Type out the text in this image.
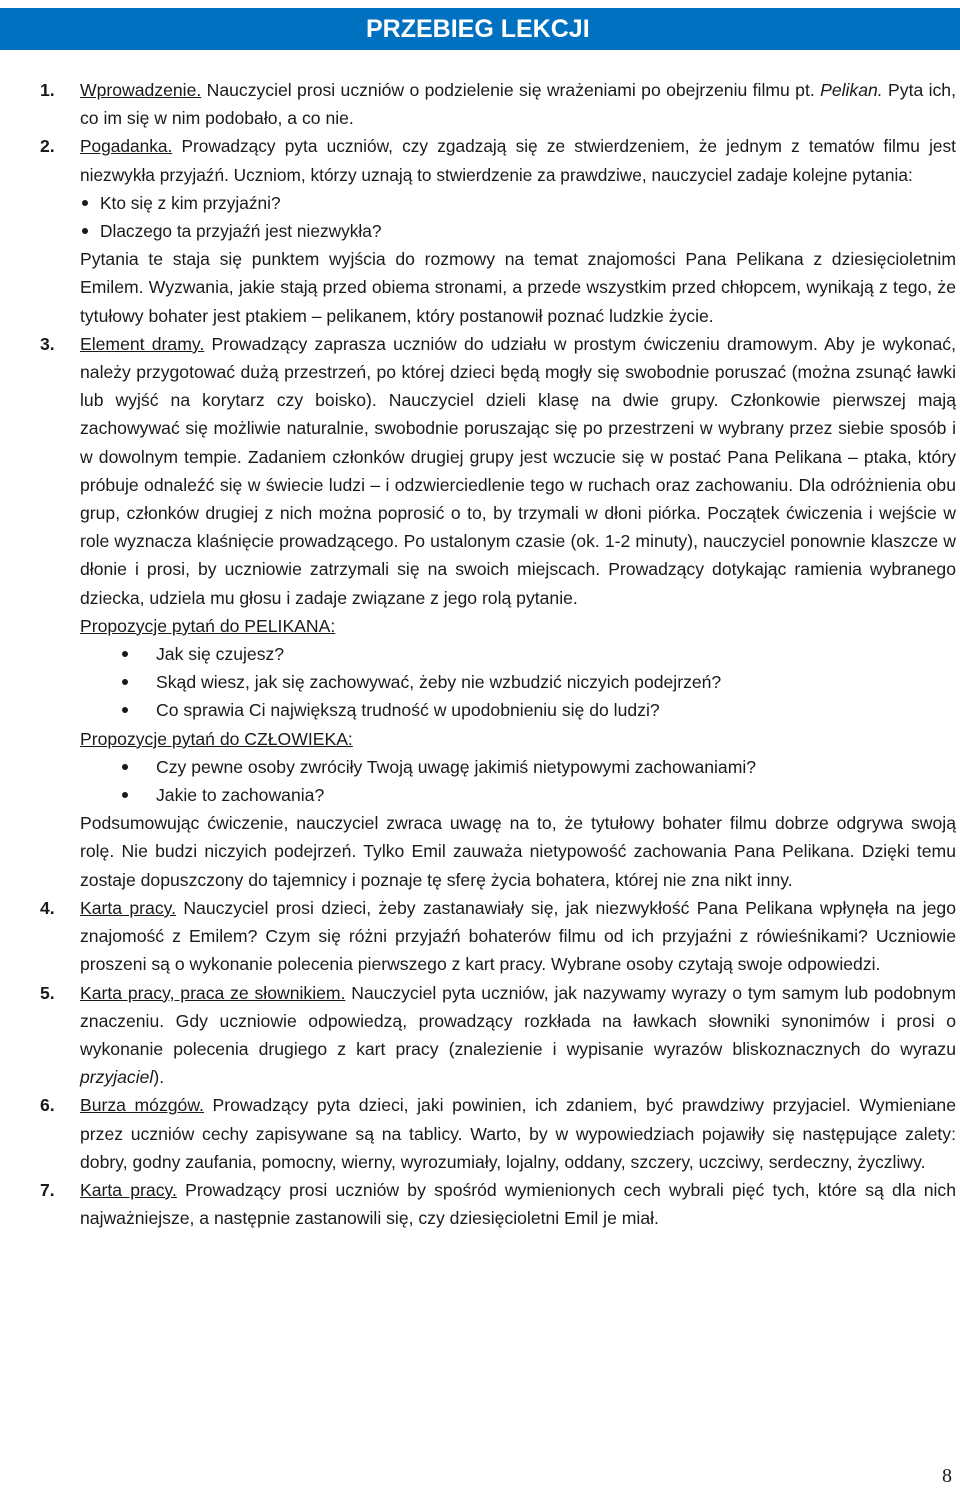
PRZEBIEG LEKCJI
1. Wprowadzenie. Nauczyciel prosi uczniów o podzielenie się wrażeniami po obejrzeniu filmu pt. Pelikan. Pyta ich, co im się w nim podobało, a co nie.

2. Pogadanka. Prowadzący pyta uczniów, czy zgadzają się ze stwierdzeniem, że jednym z tematów filmu jest niezwykła przyjaźń. Uczniom, którzy uznają to stwierdzenie za prawdziwe, nauczyciel zadaje kolejne pytania:

Kto się z kim przyjaźni?
Dlaczego ta przyjaźń jest niezwykła?

Pytania te staja się punktem wyjścia do rozmowy na temat znajomości Pana Pelikana z dziesięcioletnim Emilem. Wyzwania, jakie stają przed obiema stronami, a przede wszystkim przed chłopcem, wynikają z tego, że tytułowy bohater jest ptakiem – pelikanem, który postanowił poznać ludzkie życie.

3. Element dramy. Prowadzący zaprasza uczniów do udziału w prostym ćwiczeniu dramowym. Aby je wykonać, należy przygotować dużą przestrzeń, po której dzieci będą mogły się swobodnie poruszać (można zsunąć ławki lub wyjść na korytarz czy boisko). Nauczyciel dzieli klasę na dwie grupy. Członkowie pierwszej mają zachowywać się możliwie naturalnie, swobodnie poruszając się po przestrzeni w wybrany przez siebie sposób i w dowolnym tempie. Zadaniem członków drugiej grupy jest wczucie się w postać Pana Pelikana – ptaka, który próbuje odnaleźć się w świecie ludzi – i odzwierciedlenie tego w ruchach oraz zachowaniu. Dla odróżnienia obu grup, członków drugiej z nich można poprosić o to, by trzymali w dłoni piórka. Początek ćwiczenia i wejście w role wyznacza klaśnięcie prowadzącego. Po ustalonym czasie (ok. 1-2 minuty), nauczyciel ponownie klaszcze w dłonie i prosi, by uczniowie zatrzymali się na swoich miejscach. Prowadzący dotykając ramienia wybranego dziecka, udziela mu głosu i zadaje związane z jego rolą pytanie.

Propozycje pytań do PELIKANA:

Jak się czujesz?
Skąd wiesz, jak się zachowywać, żeby nie wzbudzić niczyich podejrzeń?
Co sprawia Ci największą trudność w upodobnieniu się do ludzi?

Propozycje pytań do CZŁOWIEKA:

Czy pewne osoby zwróciły Twoją uwagę jakimiś nietypowymi zachowaniami?
Jakie to zachowania?

Podsumowując ćwiczenie, nauczyciel zwraca uwagę na to, że tytułowy bohater filmu dobrze odgrywa swoją rolę. Nie budzi niczyich podejrzeń. Tylko Emil zauważa nietypowość zachowania Pana Pelikana. Dzięki temu zostaje dopuszczony do tajemnicy i poznaje tę sferę życia bohatera, której nie zna nikt inny.

4. Karta pracy. Nauczyciel prosi dzieci, żeby zastanawiały się, jak niezwykłość Pana Pelikana wpłynęła na jego znajomość z Emilem? Czym się różni przyjaźń bohaterów filmu od ich przyjaźni z rówieśnikami? Uczniowie proszeni są o wykonanie polecenia pierwszego z kart pracy. Wybrane osoby czytają swoje odpowiedzi.

5. Karta pracy, praca ze słownikiem. Nauczyciel pyta uczniów, jak nazywamy wyrazy o tym samym lub podobnym znaczeniu. Gdy uczniowie odpowiedzą, prowadzący rozkłada na ławkach słowniki synonimów i prosi o wykonanie polecenia drugiego z kart pracy (znalezienie i wypisanie wyrazów bliskoznacznych do wyrazu przyjaciel).

6. Burza mózgów. Prowadzący pyta dzieci, jaki powinien, ich zdaniem, być prawdziwy przyjaciel. Wymieniane przez uczniów cechy zapisywane są na tablicy. Warto, by w wypowiedziach pojawiły się następujące zalety: dobry, godny zaufania, pomocny, wierny, wyrozumiały, lojalny, oddany, szczery, uczciwy, serdeczny, życzliwy.

7. Karta pracy. Prowadzący prosi uczniów by spośród wymienionych cech wybrali pięć tych, które są dla nich najważniejsze, a następnie zastanowili się, czy dziesięcioletni Emil je miał.

8
